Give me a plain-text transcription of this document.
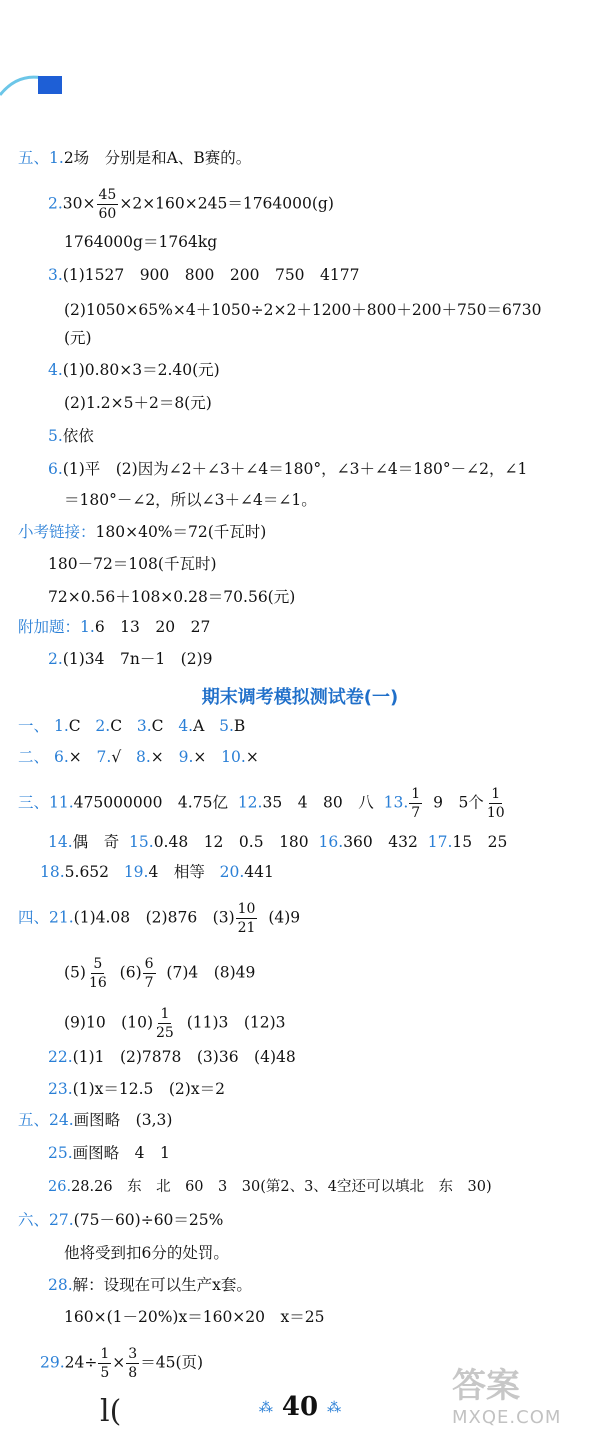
五、1.2场　分别是和A、B赛的。
$2.30\times \frac{45}{60} \times 2\times 160\times 245=1764000(g)$
1764000g＝1764kg
3.(1)1527　900　800　200　750　4177
(2)1050×65%×4＋1050÷2×2＋1200＋800＋200＋750＝6730
(元)
4.(1)0.80×3＝2.40(元)
(2)1.2×5＋2＝8(元)
5.依依
6.(1)平　(2)因为∠2＋∠3＋∠4＝180°，∠3＋∠4＝180°－∠2，∠1
＝180°－∠2，所以∠3＋∠4＝∠1。
小考链接：180×40%＝72(千瓦时)
180－72＝108(千瓦时)
72×0.56＋108×0.28＝70.56(元)
附加题：1.6　13　20　27
2.(1)34　7n－1　(2)9
期末调考模拟测试卷(一)
一、 1.C 2.C 3.C 4.A 5.B
二、 6.× 7.√ 8.× 9.× 10.×
三、11.475000000　4.75亿 12.35　4　80　八 13. $\frac{1}{7} 9$　5个 $\frac{1}{10}$
14.偶　奇 15.0.48　12　0.5　180 16.360　432 17.15　25
18.5.652 19.4　相等 20.441
四、21.(1)4.08　(2)876　$(3) \frac{10}{21} (4)9$
$(5) \frac{5}{16} (6) \frac{6}{7} (7)4$　(8)49
(9)10　$(10) \frac{1}{25} (11)3$　(12)3
22.(1)1　(2)7878　(3)36　(4)48
23.(1)x＝12.5　(2)x＝2
五、24.画图略　(3,3)
25.画图略　4　1
26.28.26　东　北　60　3　30(第2、3、4空还可以填北　东　30)
六、27.(75－60)÷60＝25%
他将受到扣6分的处罚。
28.解：设现在可以生产x套。
160×(1－20%)x＝160×20　x＝25
$29.24\div \frac{1}{5} \times \frac{3}{8} =45$(页)
l(	⁂ 40 ⁂
答案
MXQE.COM
